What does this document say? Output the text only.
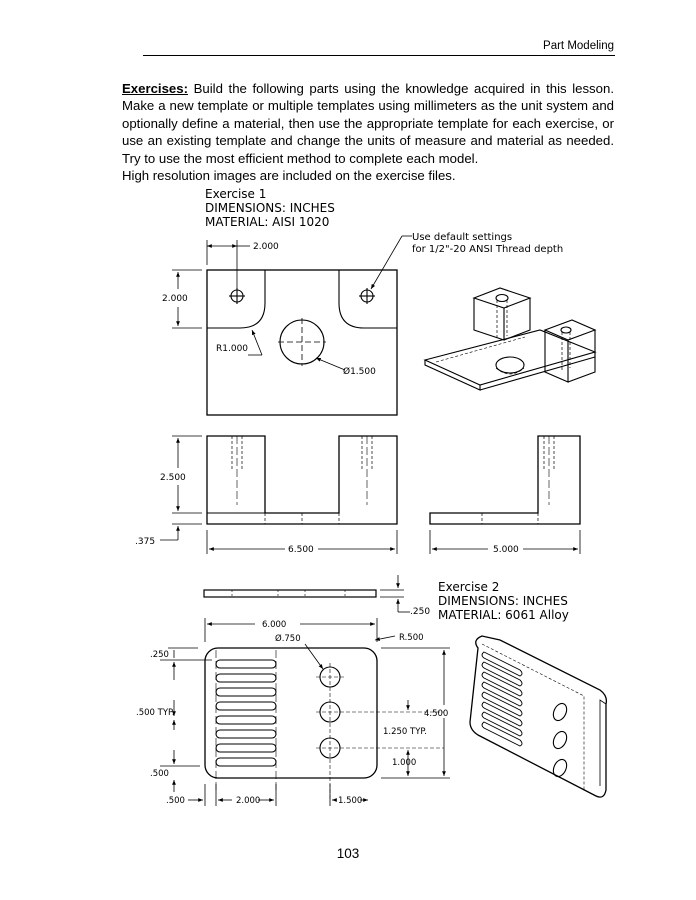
Part Modeling

Exercises: Build the following parts using the knowledge acquired in this lesson. Make a new template or multiple templates using millimeters as the unit system and optionally define a material, then use the appropriate template for each exercise, or use an existing template and change the units of measure and material as needed. Try to use the most efficient method to complete each model.

High resolution images are included on the exercise files.

Exercise 1
DIMENSIONS: INCHES
MATERIAL: AISI 1020
2.000
2.000
R1.000
Ø1.500
Use default settings
for 1/2"-20 ANSI Thread depth
2.500
.375
6.500	5.000
Exercise 2
DIMENSIONS: INCHES
MATERIAL: 6061 Alloy
.250
6.000
Ø.750	R.500
.250
.500 TYP.	4.500
1.250 TYP.
1.000
.500
.500	2.000	1.500
103
